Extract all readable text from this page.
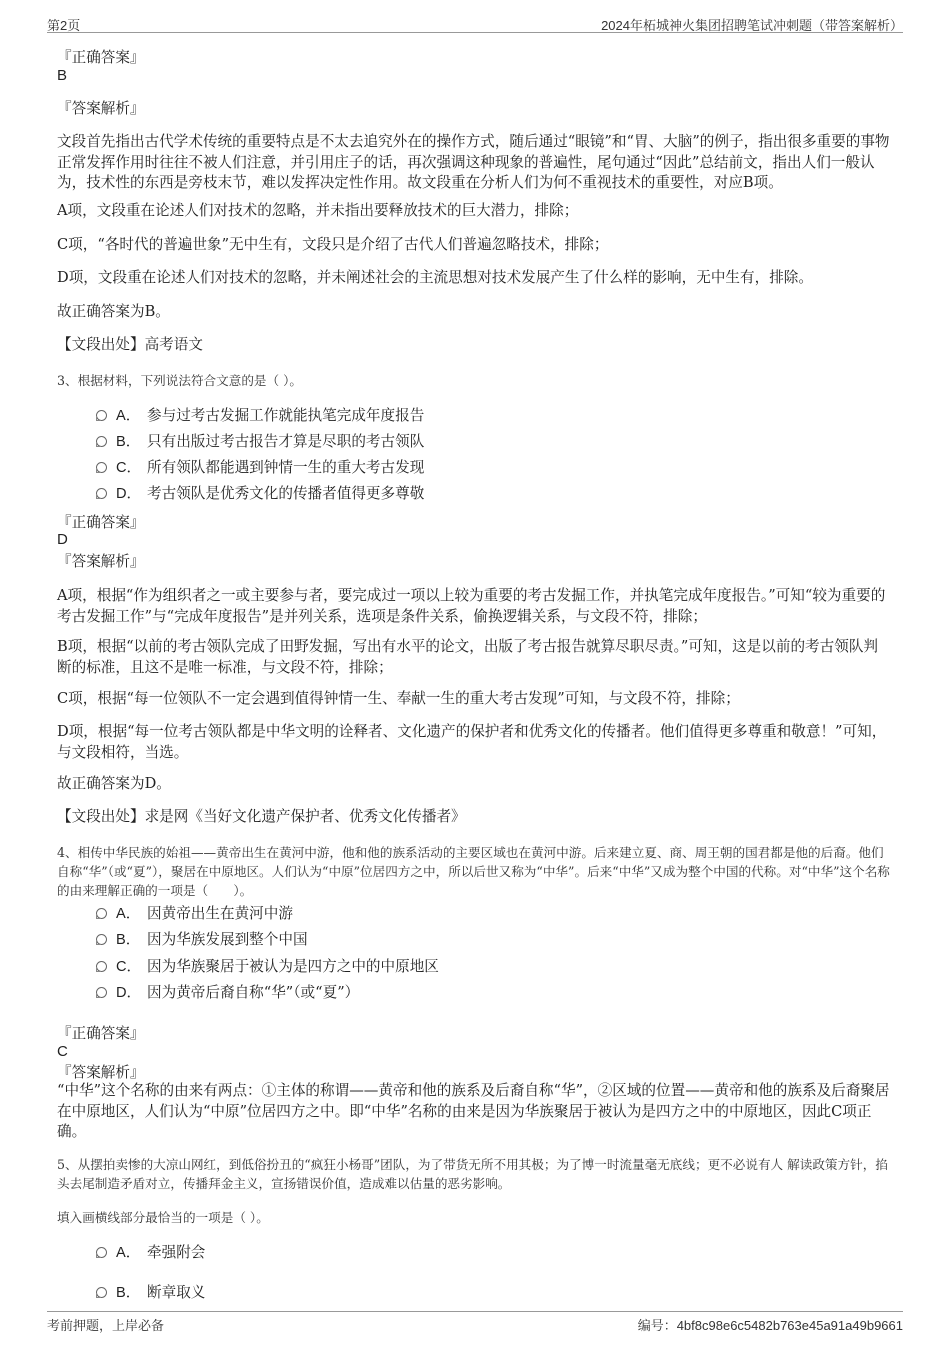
第2页	2024年柘城神火集团招聘笔试冲刺题（带答案解析）
『正确答案』
B
『答案解析』
文段首先指出古代学术传统的重要特点是不太去追究外在的操作方式，随后通过“眼镜”和“胃、大脑”的例子，指出很多重要的事物正常发挥作用时往往不被人们注意，并引用庄子的话，再次强调这种现象的普遍性，尾句通过“因此”总结前文，指出人们一般认为，技术性的东西是旁枝末节，难以发挥决定性作用。故文段重在分析人们为何不重视技术的重要性，对应B项。
A项，文段重在论述人们对技术的忽略，并未指出要释放技术的巨大潜力，排除；
C项，“各时代的普遍世象”无中生有，文段只是介绍了古代人们普遍忽略技术，排除；
D项，文段重在论述人们对技术的忽略，并未阐述社会的主流思想对技术发展产生了什么样的影响，无中生有，排除。
故正确答案为B。
【文段出处】高考语文
3、根据材料，下列说法符合文意的是（ ）。
A． 参与过考古发掘工作就能执笔完成年度报告
B． 只有出版过考古报告才算是尽职的考古领队
C． 所有领队都能遇到钟情一生的重大考古发现
D． 考古领队是优秀文化的传播者值得更多尊敬
『正确答案』
D
『答案解析』
A项，根据“作为组织者之一或主要参与者，要完成过一项以上较为重要的考古发掘工作，并执笔完成年度报告。”可知“较为重要的考古发掘工作”与“完成年度报告”是并列关系，选项是条件关系，偷换逻辑关系，与文段不符，排除；
B项，根据“以前的考古领队完成了田野发掘，写出有水平的论文，出版了考古报告就算尽职尽责。”可知，这是以前的考古领队判断的标准，且这不是唯一标准，与文段不符，排除；
C项，根据“每一位领队不一定会遇到值得钟情一生、奉献一生的重大考古发现”可知，与文段不符，排除；
D项，根据“每一位考古领队都是中华文明的诠释者、文化遗产的保护者和优秀文化的传播者。他们值得更多尊重和敬意！”可知，与文段相符，当选。
故正确答案为D。
【文段出处】求是网《当好文化遗产保护者、优秀文化传播者》
4、相传中华民族的始祖——黄帝出生在黄河中游，他和他的族系活动的主要区域也在黄河中游。后来建立夏、商、周王朝的国君都是他的后裔。他们自称“华”（或“夏”），聚居在中原地区。人们认为“中原”位居四方之中，所以后世又称为“中华”。后来“中华”又成为整个中国的代称。对“中华”这个名称的由来理解正确的一项是（　　）。
A． 因黄帝出生在黄河中游
B． 因为华族发展到整个中国
C． 因为华族聚居于被认为是四方之中的中原地区
D． 因为黄帝后裔自称“华”（或“夏”）
『正确答案』
C
『答案解析』
“中华”这个名称的由来有两点：①主体的称谓——黄帝和他的族系及后裔自称“华”，②区域的位置——黄帝和他的族系及后裔聚居在中原地区，人们认为“中原”位居四方之中。即“中华”名称的由来是因为华族聚居于被认为是四方之中的中原地区，因此C项正确。
5、从摆拍卖惨的大凉山网红，到低俗扮丑的“疯狂小杨哥”团队，为了带货无所不用其极；为了博一时流量毫无底线；更不必说有人 解读政策方针，掐头去尾制造矛盾对立，传播拜金主义，宣扬错误价值，造成难以估量的恶劣影响。
填入画横线部分最恰当的一项是（ ）。
A． 牵强附会
B． 断章取义
考前押题，上岸必备	编号：4bf8c98e6c5482b763e45a91a49b9661
